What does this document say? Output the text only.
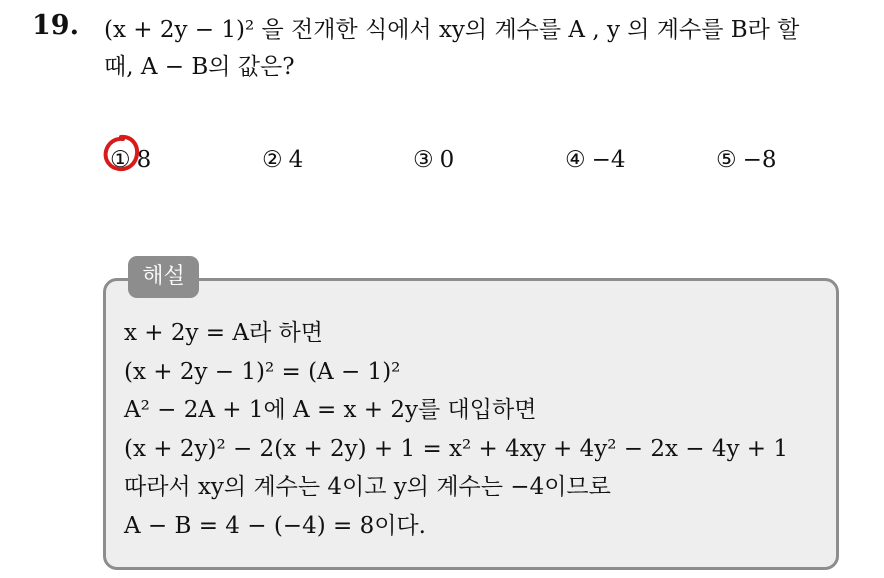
19. (x + 2y − 1)² 을 전개한 식에서 xy의 계수를 A , y 의 계수를 B라 할
때, A − B의 값은?
① 8	② 4	③ 0	④ −4	⑤ −8
해설
x + 2y = A라 하면
(x + 2y − 1)² = (A − 1)²
A² − 2A + 1에 A = x + 2y를 대입하면
(x + 2y)² − 2(x + 2y) + 1 = x² + 4xy + 4y² − 2x − 4y + 1
따라서 xy의 계수는 4이고 y의 계수는 −4이므로
A − B = 4 − (−4) = 8이다.
